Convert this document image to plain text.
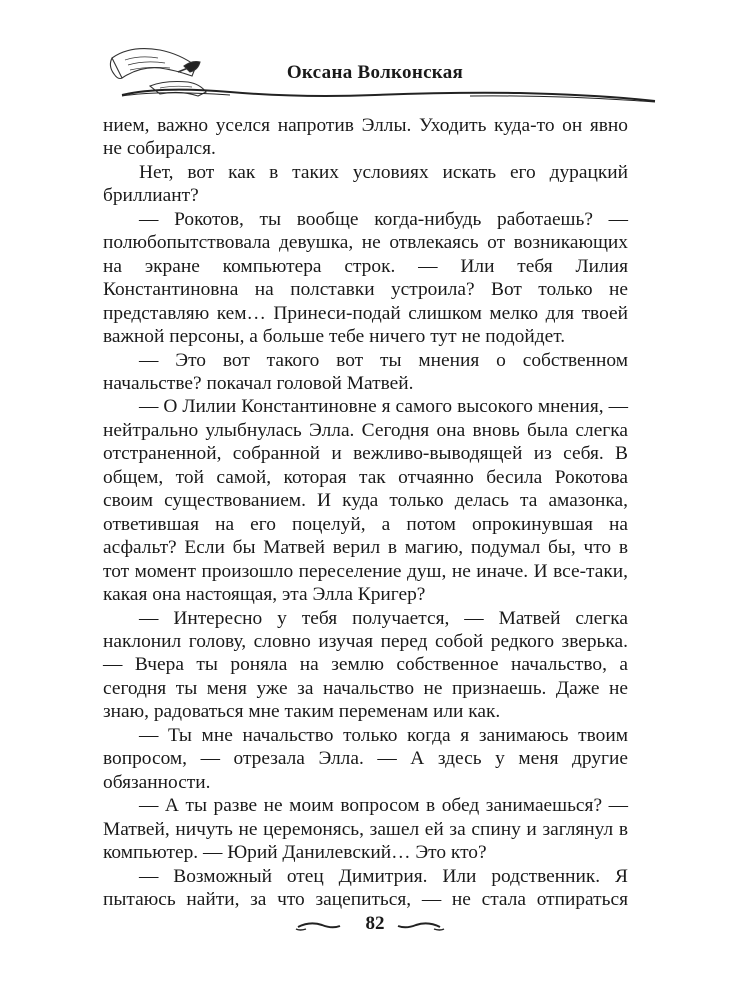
Оксана Волконская

нием, важно уселся напротив Эллы. Уходить куда-то он явно не собирался.

Нет, вот как в таких условиях искать его дурацкий бриллиант?

— Рокотов, ты вообще когда-нибудь работаешь? — полюбопытствовала девушка, не отвлекаясь от возникающих на экране компьютера строк. — Или тебя Лилия Константиновна на полставки устроила? Вот только не представляю кем… Принеси-подай слишком мелко для твоей важной персоны, а больше тебе ничего тут не подойдет.

— Это вот такого вот ты мнения о собственном начальстве? покачал головой Матвей.

— О Лилии Константиновне я самого высокого мнения, — нейтрально улыбнулась Элла. Сегодня она вновь была слегка отстраненной, собранной и вежливо-выводящей из себя. В общем, той самой, которая так отчаянно бесила Рокотова своим существованием. И куда только делась та амазонка, ответившая на его поцелуй, а потом опрокинувшая на асфальт? Если бы Матвей верил в магию, подумал бы, что в тот момент произошло переселение душ, не иначе. И все-таки, какая она настоящая, эта Элла Кригер?

— Интересно у тебя получается, — Матвей слегка наклонил голову, словно изучая перед собой редкого зверька. — Вчера ты роняла на землю собственное начальство, а сегодня ты меня уже за начальство не признаешь. Даже не знаю, радоваться мне таким переменам или как.

— Ты мне начальство только когда я занимаюсь твоим вопросом, — отрезала Элла. — А здесь у меня другие обязанности.

— А ты разве не моим вопросом в обед занимаешься? — Матвей, ничуть не церемонясь, зашел ей за спину и заглянул в компьютер. — Юрий Данилевский… Это кто?

— Возможный отец Димитрия. Или родственник. Я пытаюсь найти, за что зацепиться, — не стала отпираться

82
